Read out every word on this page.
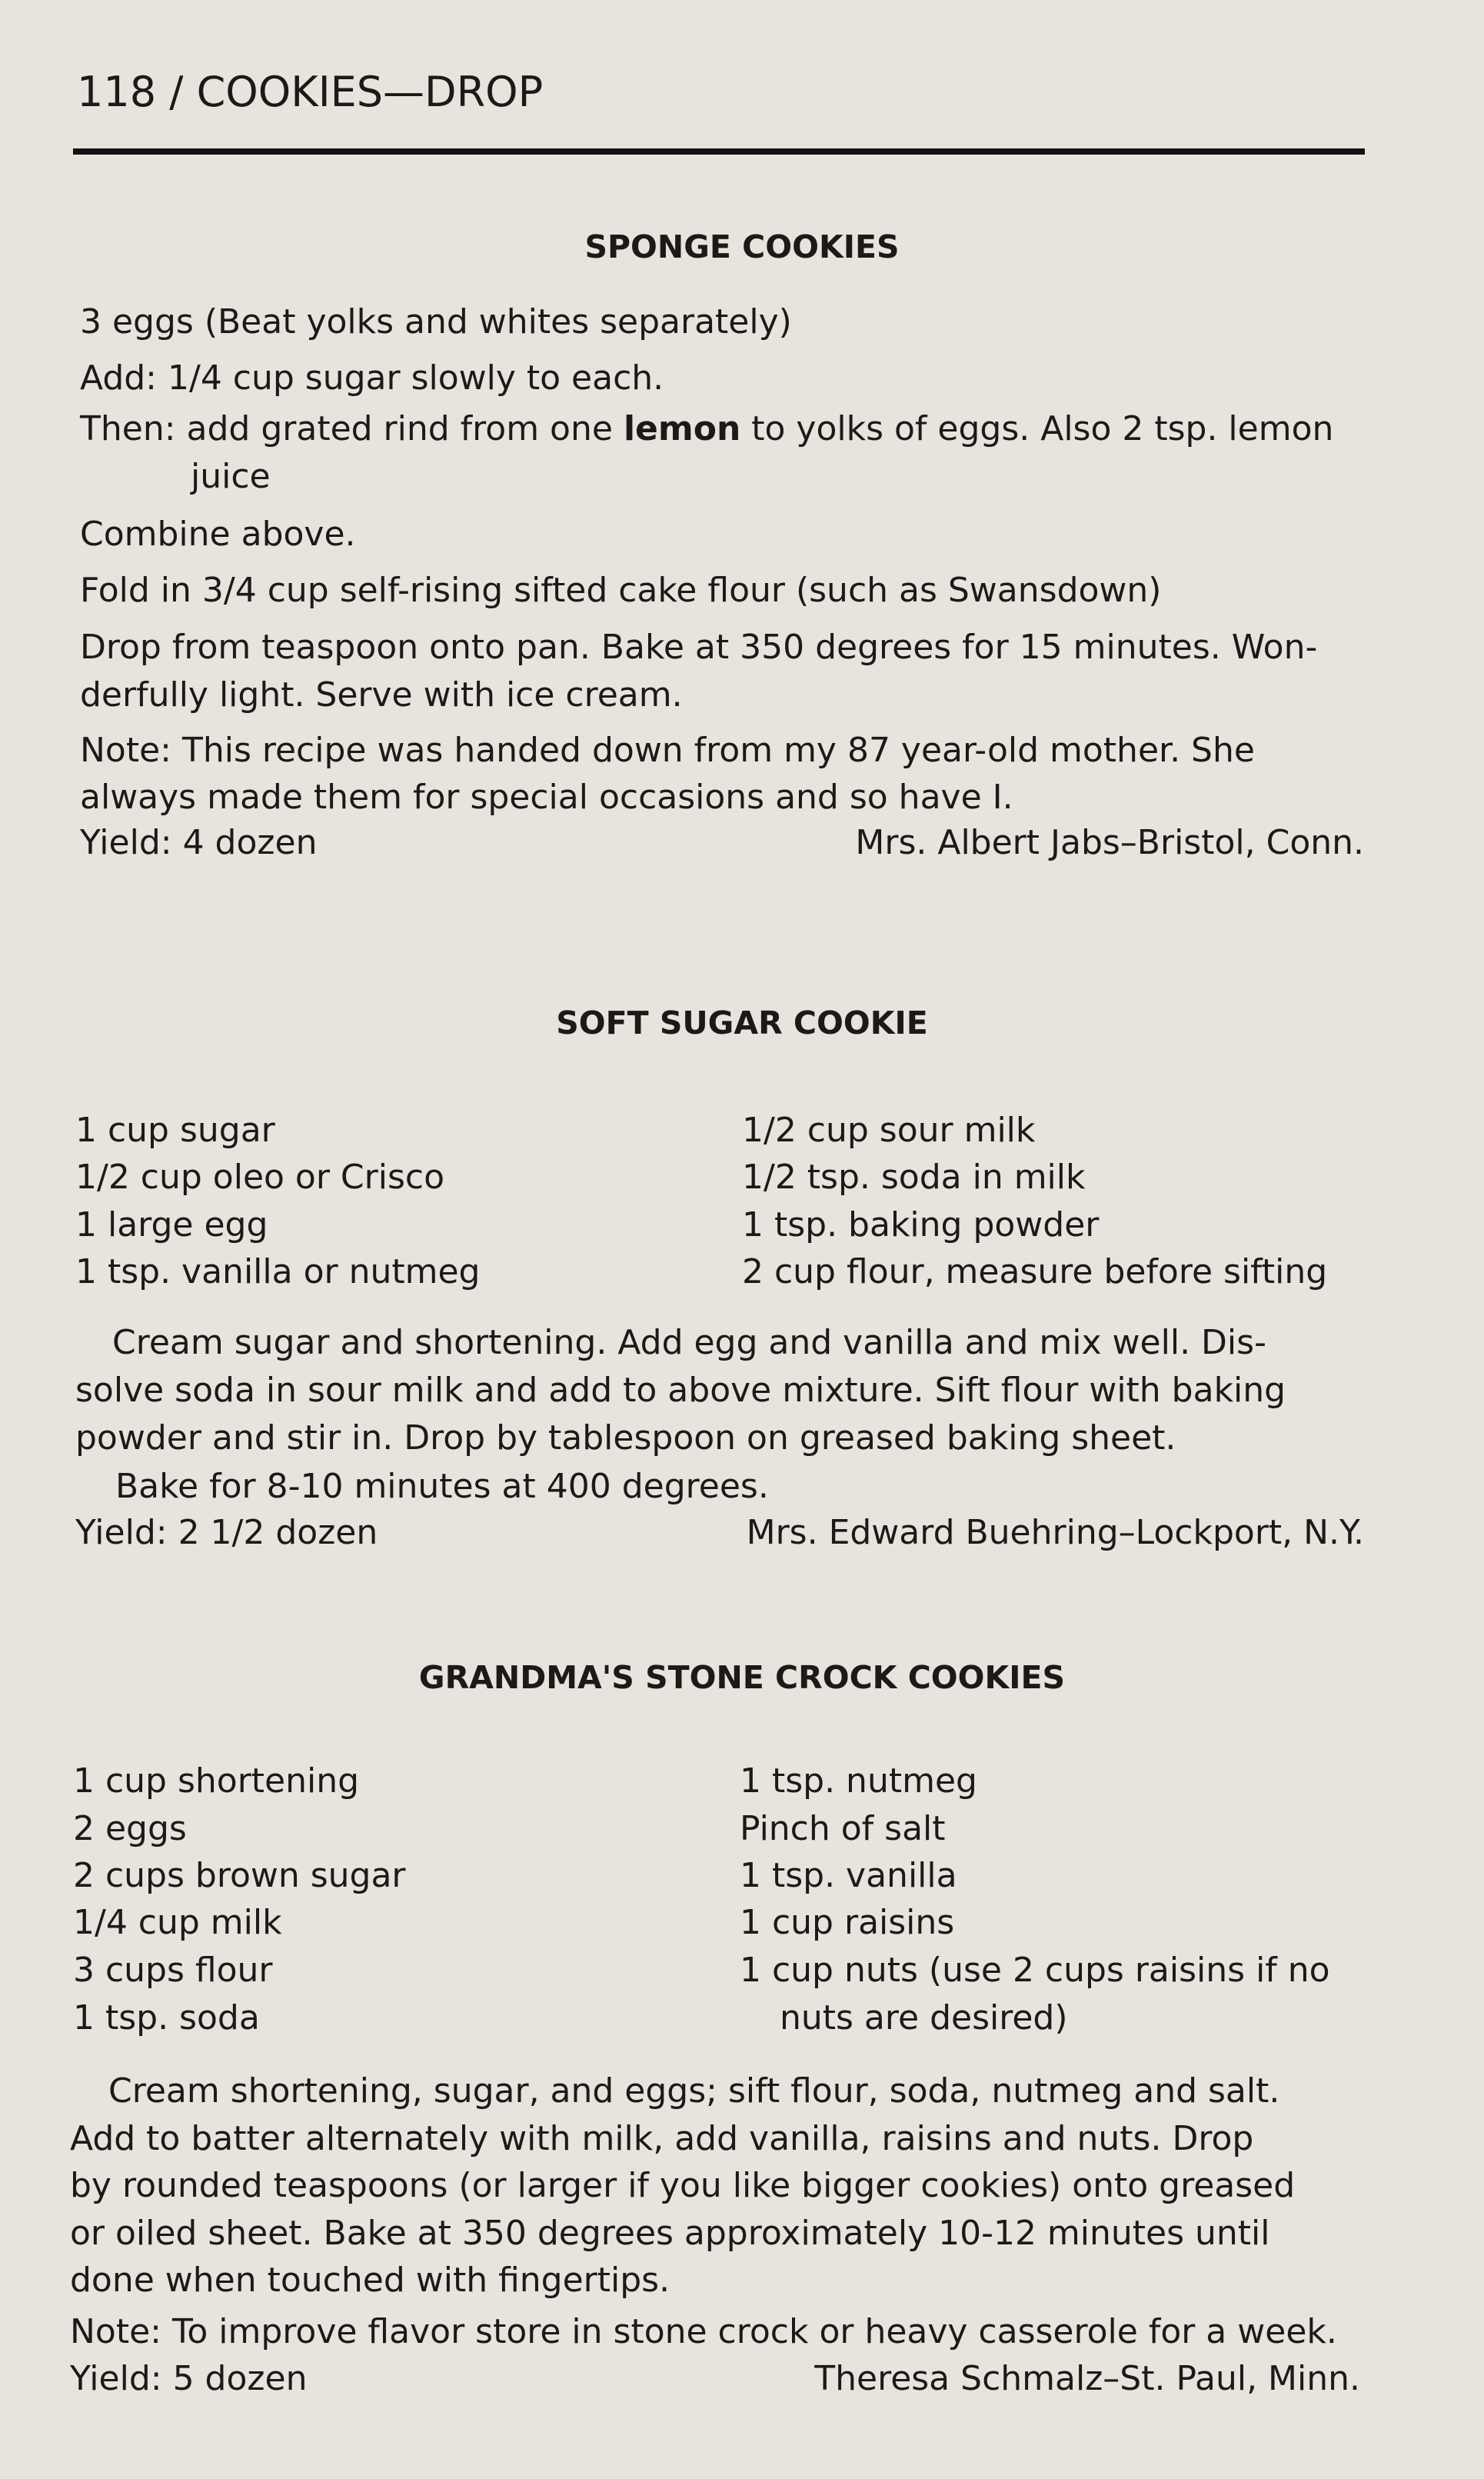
118 / COOKIES—DROP
SPONGE COOKIES
3 eggs (Beat yolks and whites separately)
Add: 1/4 cup sugar slowly to each.
Then: add grated rind from one lemon to yolks of eggs. Also 2 tsp. lemon
juice
Combine above.
Fold in 3/4 cup self-rising sifted cake flour (such as Swansdown)
Drop from teaspoon onto pan. Bake at 350 degrees for 15 minutes. Won-
derfully light. Serve with ice cream.
Note: This recipe was handed down from my 87 year-old mother. She
always made them for special occasions and so have I.
Yield: 4 dozen	Mrs. Albert Jabs–Bristol, Conn.
SOFT SUGAR COOKIE
1 cup sugar
1/2 cup oleo or Crisco
1 large egg
1 tsp. vanilla or nutmeg
1/2 cup sour milk
1/2 tsp. soda in milk
1 tsp. baking powder
2 cup flour, measure before sifting
Cream sugar and shortening. Add egg and vanilla and mix well. Dis-
solve soda in sour milk and add to above mixture. Sift flour with baking
powder and stir in. Drop by tablespoon on greased baking sheet.
Bake for 8-10 minutes at 400 degrees.
Yield: 2 1/2 dozen	Mrs. Edward Buehring–Lockport, N.Y.
GRANDMA'S STONE CROCK COOKIES
1 cup shortening
2 eggs
2 cups brown sugar
1/4 cup milk
3 cups flour
1 tsp. soda
1 tsp. nutmeg
Pinch of salt
1 tsp. vanilla
1 cup raisins
1 cup nuts (use 2 cups raisins if no
nuts are desired)
Cream shortening, sugar, and eggs; sift flour, soda, nutmeg and salt.
Add to batter alternately with milk, add vanilla, raisins and nuts. Drop
by rounded teaspoons (or larger if you like bigger cookies) onto greased
or oiled sheet. Bake at 350 degrees approximately 10-12 minutes until
done when touched with fingertips.
Note: To improve flavor store in stone crock or heavy casserole for a week.
Yield: 5 dozen	Theresa Schmalz–St. Paul, Minn.
